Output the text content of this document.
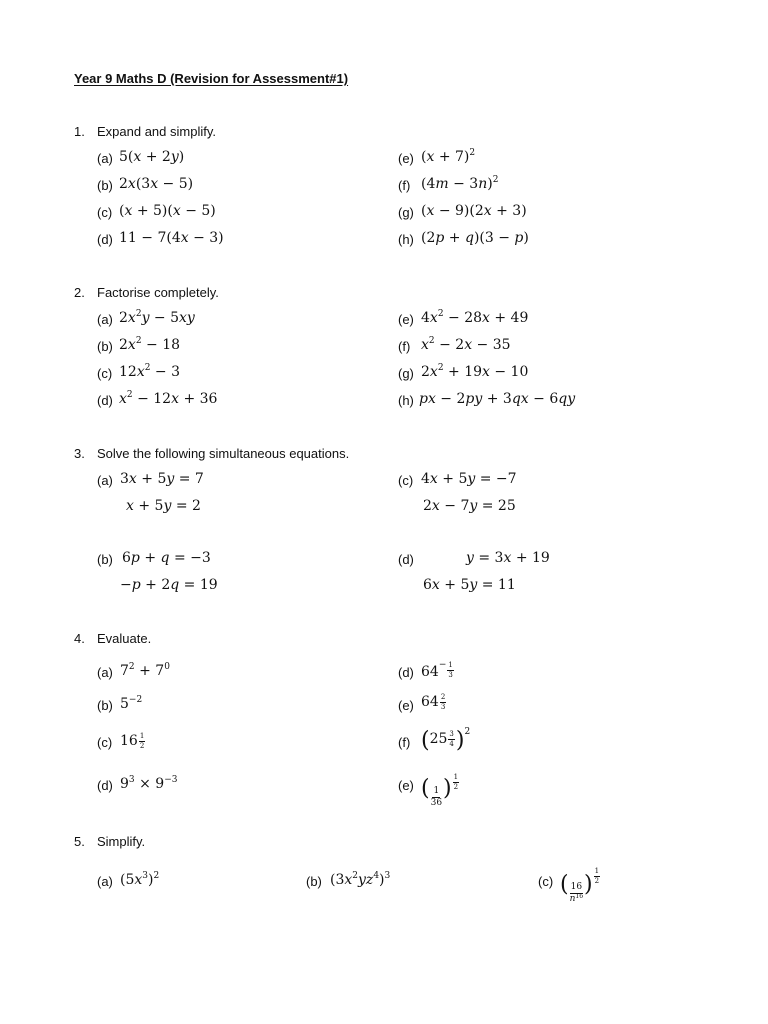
Year 9 Maths D (Revision for Assessment#1)
1. Expand and simplify.
(a) 5(x + 2y)
(b) 2x(3x − 5)
(c) (x + 5)(x − 5)
(d) 11 − 7(4x − 3)
(e) $(x + 7)^2$
(f) $(4m - 3n)^2$
(g) (x − 9)(2x + 3)
(h) (2p + q)(3 − p)
2. Factorise completely.
(a) $2x^2y - 5xy$
(b) $2x^2 - 18$
(c) $12x^2 - 3$
(d) $x^2 - 12x + 36$
(e) $4x^2 - 28x + 49$
(f) $x^2 - 2x - 35$
(g) $2x^2 + 19x - 10$
(h) px − 2py + 3qx − 6qy
3. Solve the following simultaneous equations.
(a) 3x + 5y = 7
x + 5y = 2
(c) 4x + 5y = −7
2x − 7y = 25
(b) 6p + q = −3
−p + 2q = 19
(d)	y = 3x + 19
6x + 5y = 11
4. Evaluate.
(a) $7^2 + 7^0$
(b) $5^{-2}$
(c) $16 \frac{1}{2}$
(d) $9^3 \times 9^{-3}$
(d) $64^{- \frac{1}{3}}$
(e) $64 \frac{2}{3}$
(f) $(25 \frac{3}{4} )^2$
(e) ( $\frac{1}{36}$ ) $\frac{1}{2}$
5. Simplify.
(a) $(5x^3)^2$	(b) $(3x^2yz^4)^3$	(c) ( $\frac{16}{n^{16}}$ ) $\frac{1}{2}$
